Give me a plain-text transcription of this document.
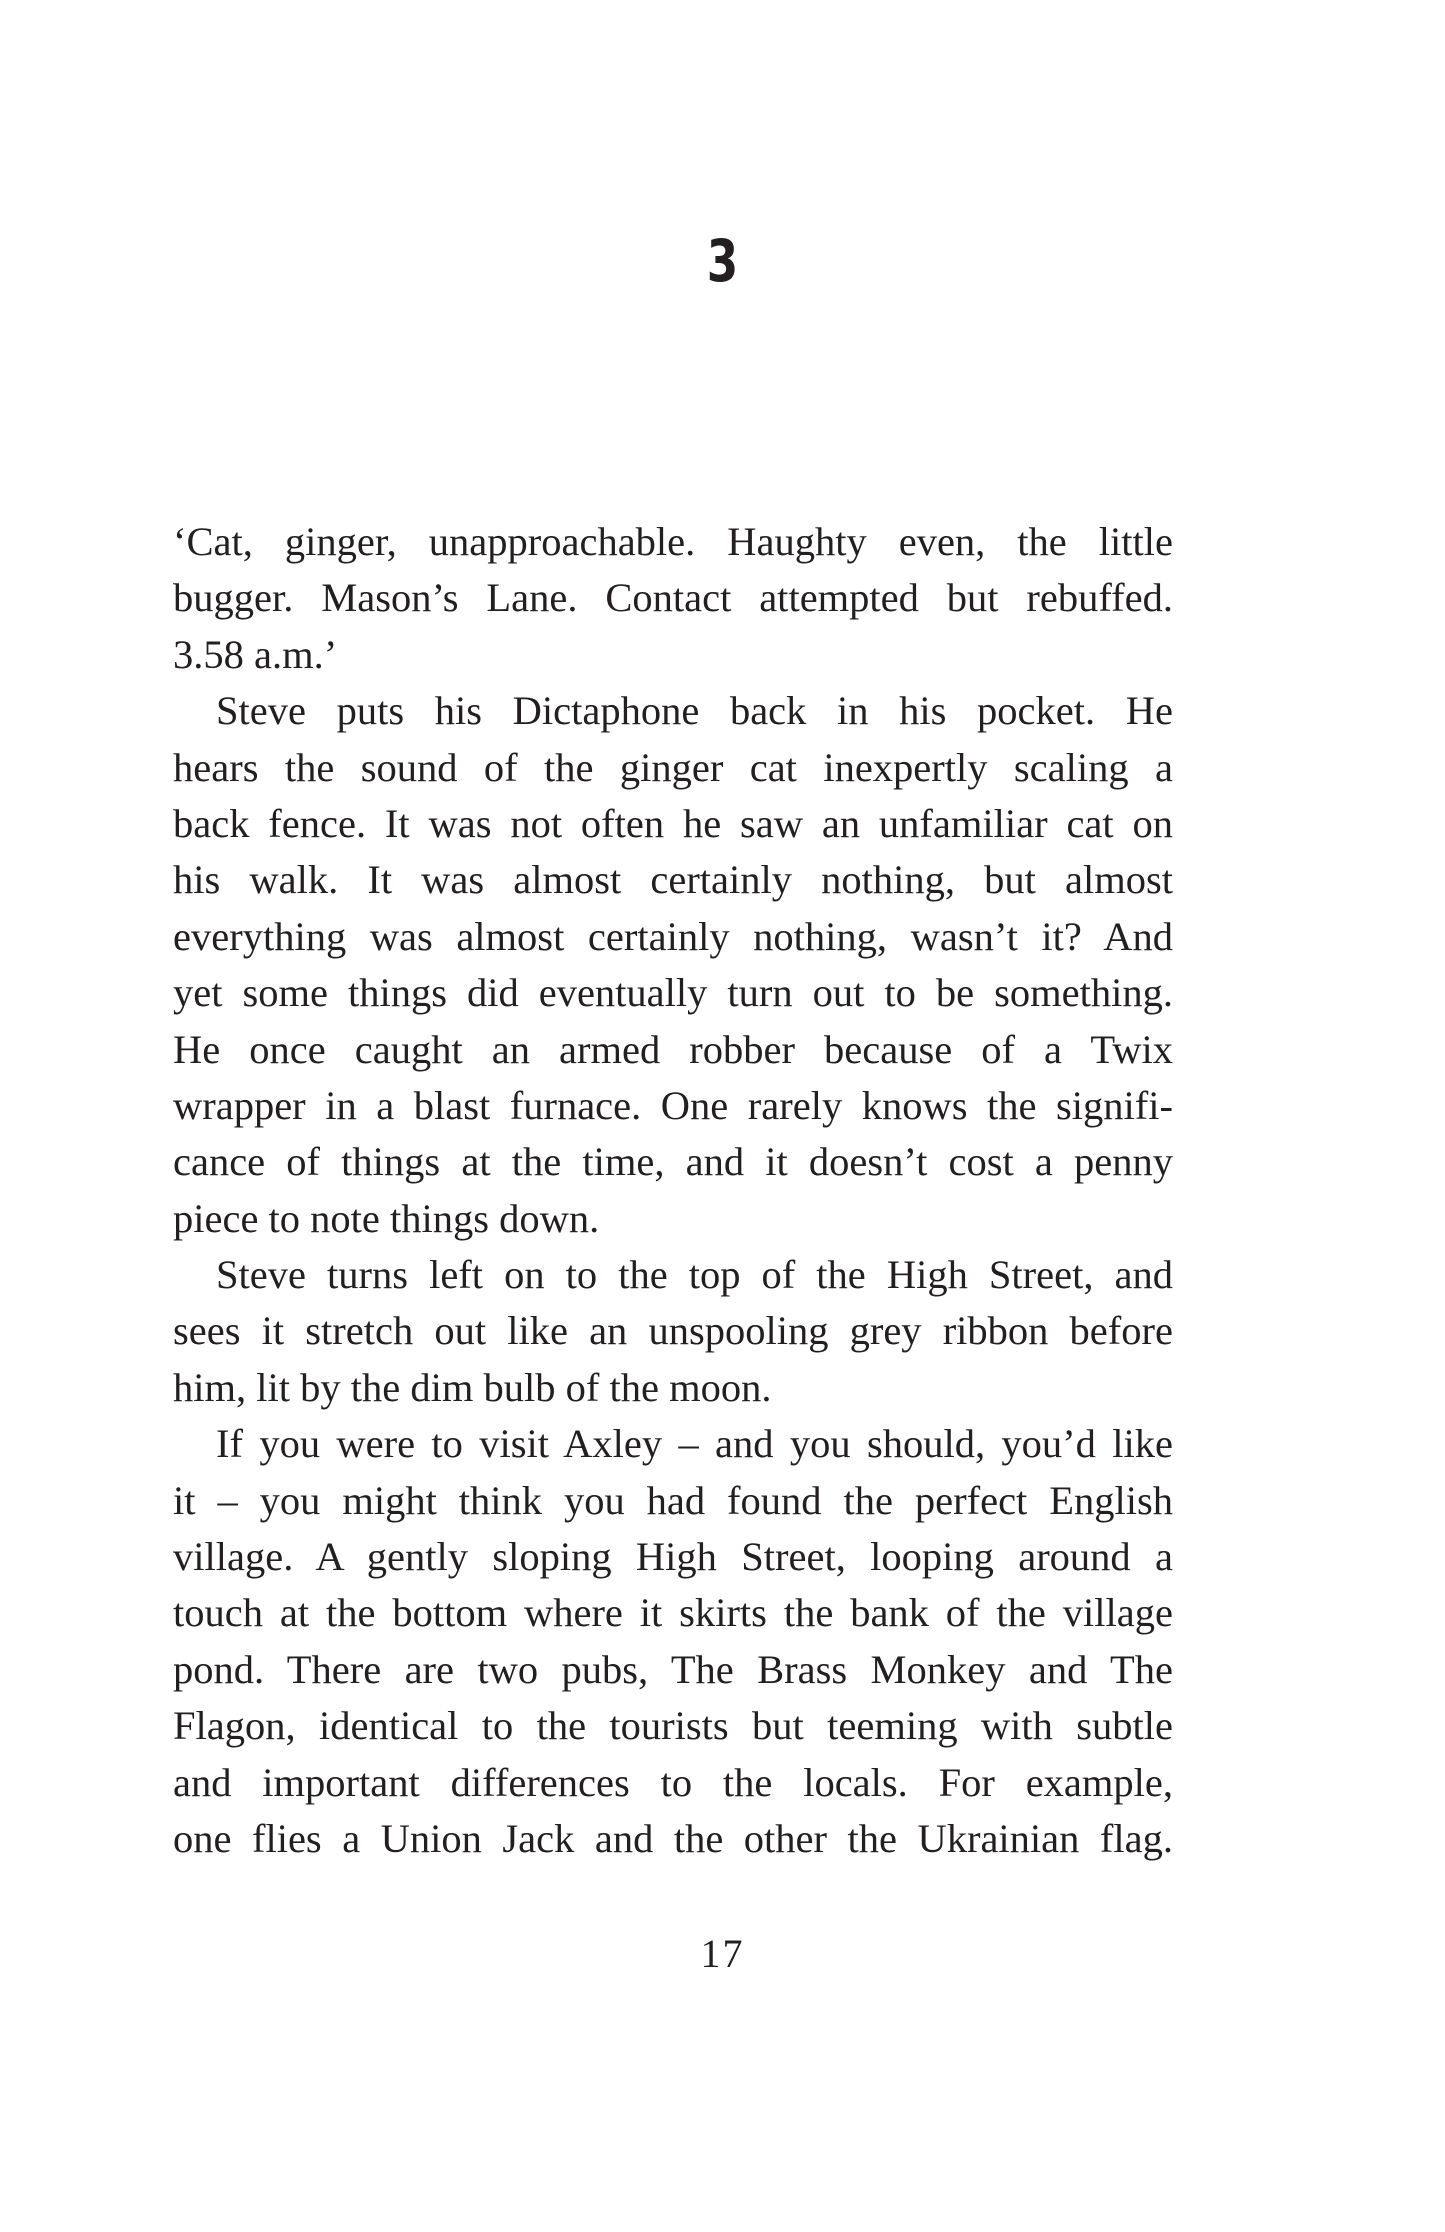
3
‘Cat, ginger, unapproachable. Haughty even, the little
bugger. Mason’s Lane. Contact attempted but rebuffed.
3.58 a.m.’
Steve puts his Dictaphone back in his pocket. He
hears the sound of the ginger cat inexpertly scaling a
back fence. It was not often he saw an unfamiliar cat on
his walk. It was almost certainly nothing, but almost
everything was almost certainly nothing, wasn’t it? And
yet some things did eventually turn out to be something.
He once caught an armed robber because of a Twix
wrapper in a blast furnace. One rarely knows the signifi-
cance of things at the time, and it doesn’t cost a penny
piece to note things down.
Steve turns left on to the top of the High Street, and
sees it stretch out like an unspooling grey ribbon before
him, lit by the dim bulb of the moon.
If you were to visit Axley – and you should, you’d like
it – you might think you had found the perfect English
village. A gently sloping High Street, looping around a
touch at the bottom where it skirts the bank of the village
pond. There are two pubs, The Brass Monkey and The
Flagon, identical to the tourists but teeming with subtle
and important differences to the locals. For example,
one flies a Union Jack and the other the Ukrainian flag.
17
